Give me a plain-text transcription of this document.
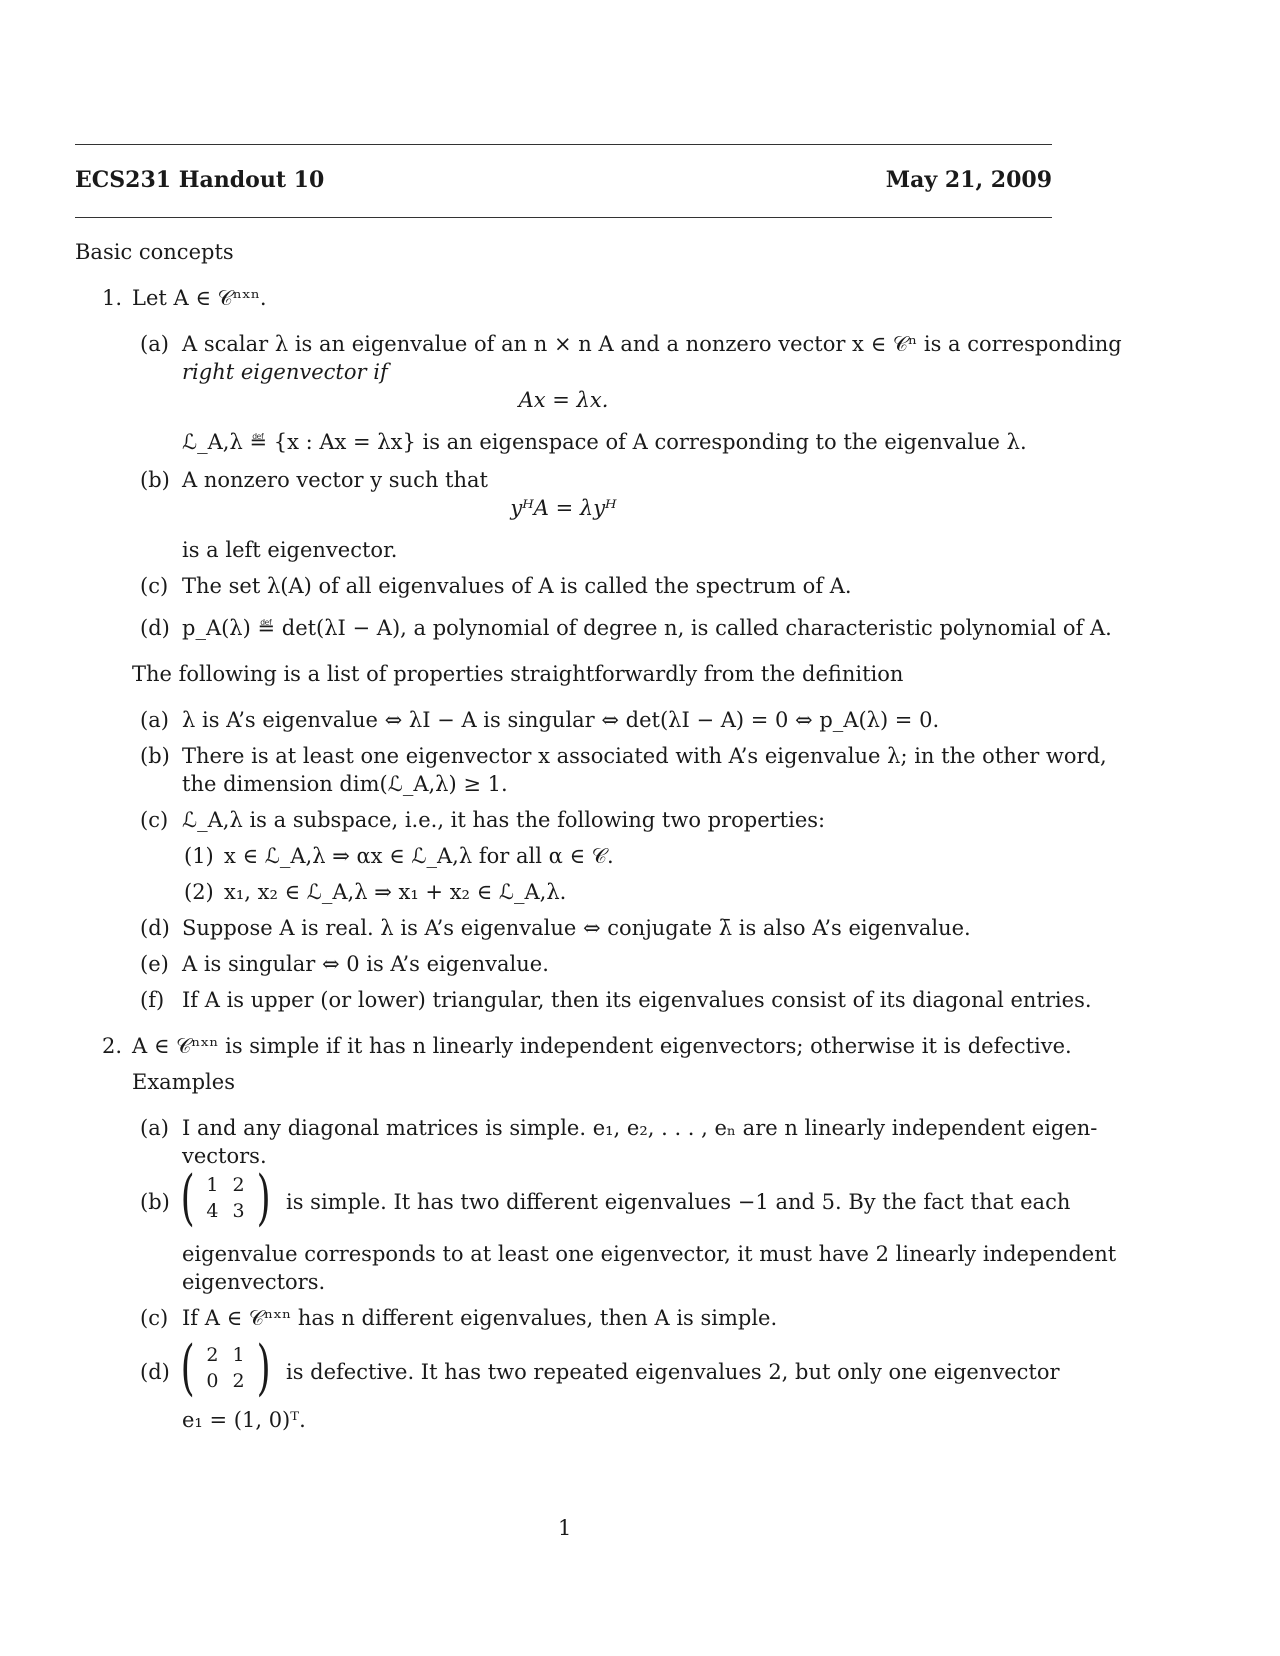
ECS231 Handout 10	May 21, 2009
Basic concepts
1. Let A ∈ 𝒞ⁿˣⁿ.
(a) A scalar λ is an eigenvalue of an n × n A and a nonzero vector x ∈ 𝒞ⁿ is a corresponding
right eigenvector if
Ax = λx.
ℒ_A,λ ≝ {x : Ax = λx} is an eigenspace of A corresponding to the eigenvalue λ.
(b) A nonzero vector y such that
yᴴA = λyᴴ
is a left eigenvector.
(c) The set λ(A) of all eigenvalues of A is called the spectrum of A.
(d) p_A(λ) ≝ det(λI − A), a polynomial of degree n, is called characteristic polynomial of A.
The following is a list of properties straightforwardly from the definition
(a) λ is A’s eigenvalue ⇔ λI − A is singular ⇔ det(λI − A) = 0 ⇔ p_A(λ) = 0.
(b) There is at least one eigenvector x associated with A’s eigenvalue λ; in the other word,
the dimension dim(ℒ_A,λ) ≥ 1.
(c) ℒ_A,λ is a subspace, i.e., it has the following two properties:
(1) x ∈ ℒ_A,λ ⇒ αx ∈ ℒ_A,λ for all α ∈ 𝒞.
(2) x₁, x₂ ∈ ℒ_A,λ ⇒ x₁ + x₂ ∈ ℒ_A,λ.
(d) Suppose A is real. λ is A’s eigenvalue ⇔ conjugate λ̄ is also A’s eigenvalue.
(e) A is singular ⇔ 0 is A’s eigenvalue.
(f) If A is upper (or lower) triangular, then its eigenvalues consist of its diagonal entries.
2. A ∈ 𝒞ⁿˣⁿ is simple if it has n linearly independent eigenvectors; otherwise it is defective.
Examples
(a) I and any diagonal matrices is simple. e₁, e₂, . . . , eₙ are n linearly independent eigen-
vectors.
(b) ( 1	2
4	3 ) is simple. It has two different eigenvalues −1 and 5. By the fact that each
eigenvalue corresponds to at least one eigenvector, it must have 2 linearly independent
eigenvectors.
(c) If A ∈ 𝒞ⁿˣⁿ has n different eigenvalues, then A is simple.
(d) ( 2	1
0	2 ) is defective. It has two repeated eigenvalues 2, but only one eigenvector
e₁ = (1, 0)ᵀ.
1
